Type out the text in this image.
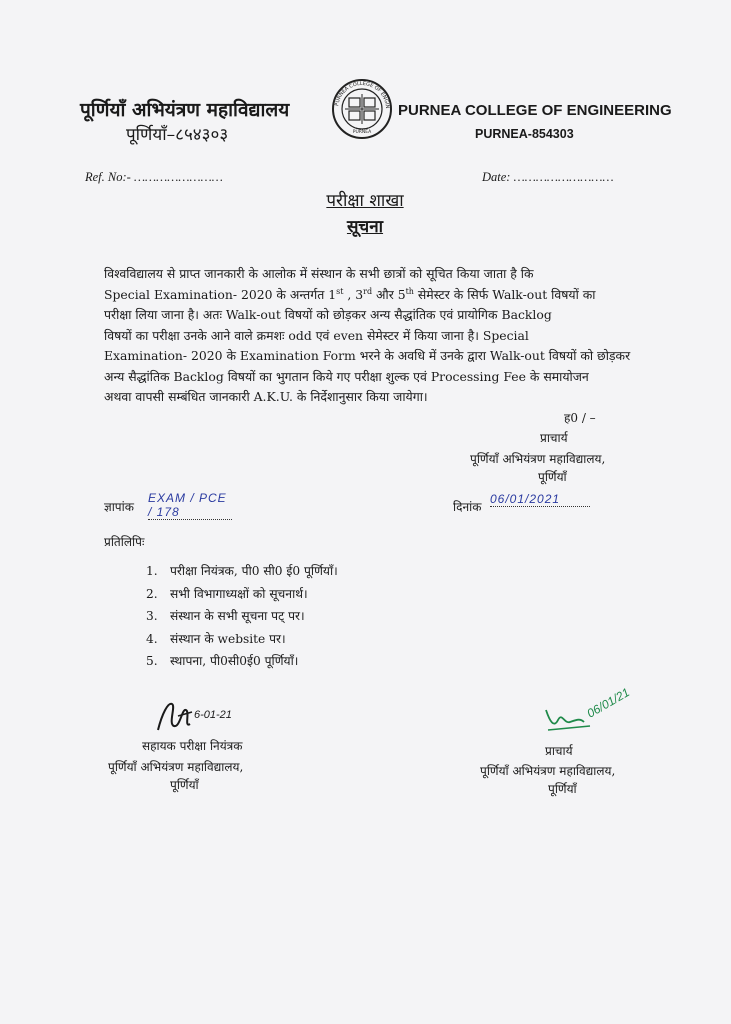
पूर्णियाँ अभियंत्रण महाविद्यालय
पूर्णियाँ–८५४३०३
PURNEA COLLEGE OF ENGIN
PURNEA
PURNEA COLLEGE OF ENGINEERING
PURNEA-854303
Ref. No:- ……………………	Date: ………………………
परीक्षा शाखा
सूचना

विश्वविद्यालय से प्राप्त जानकारी के आलोक में संस्थान के सभी छात्रों को सूचित किया जाता है कि

Special Examination- 2020 के अन्तर्गत 1st , 3rd और 5th सेमेस्टर के सिर्फ Walk-out विषयों का

परीक्षा लिया जाना है। अतः Walk-out विषयों को छोड़कर अन्य सैद्धांतिक एवं प्रायोगिक Backlog

विषयों का परीक्षा उनके आने वाले क्रमशः odd एवं even सेमेस्टर में किया जाना है। Special

Examination- 2020 के Examination Form भरने के अवधि में उनके द्वारा Walk-out विषयों को छोड़कर

अन्य सैद्धांतिक Backlog विषयों का भुगतान किये गए परीक्षा शुल्क एवं Processing Fee के समायोजन

अथवा वापसी सम्बंधित जानकारी A.K.U. के निर्देशानुसार किया जायेगा।

ह0 / –
प्राचार्य
पूर्णियाँ अभियंत्रण महाविद्यालय,
पूर्णियाँ
ज्ञापांक
EXAM / PCE / 178	दिनांक
06/01/2021
प्रतिलिपिः
1. परीक्षा नियंत्रक, पी0 सी0 ई0 पूर्णियाँ।
2. सभी विभागाध्यक्षों को सूचनार्थ।
3. संस्थान के सभी सूचना पट् पर।
4. संस्थान के website पर।
5. स्थापना, पी0सी0ई0 पूर्णियाँ।
6-01-21
सहायक परीक्षा नियंत्रक
पूर्णियाँ अभियंत्रण महाविद्यालय,
पूर्णियाँ
06/01/21
प्राचार्य
पूर्णियाँ अभियंत्रण महाविद्यालय,
पूर्णियाँ
